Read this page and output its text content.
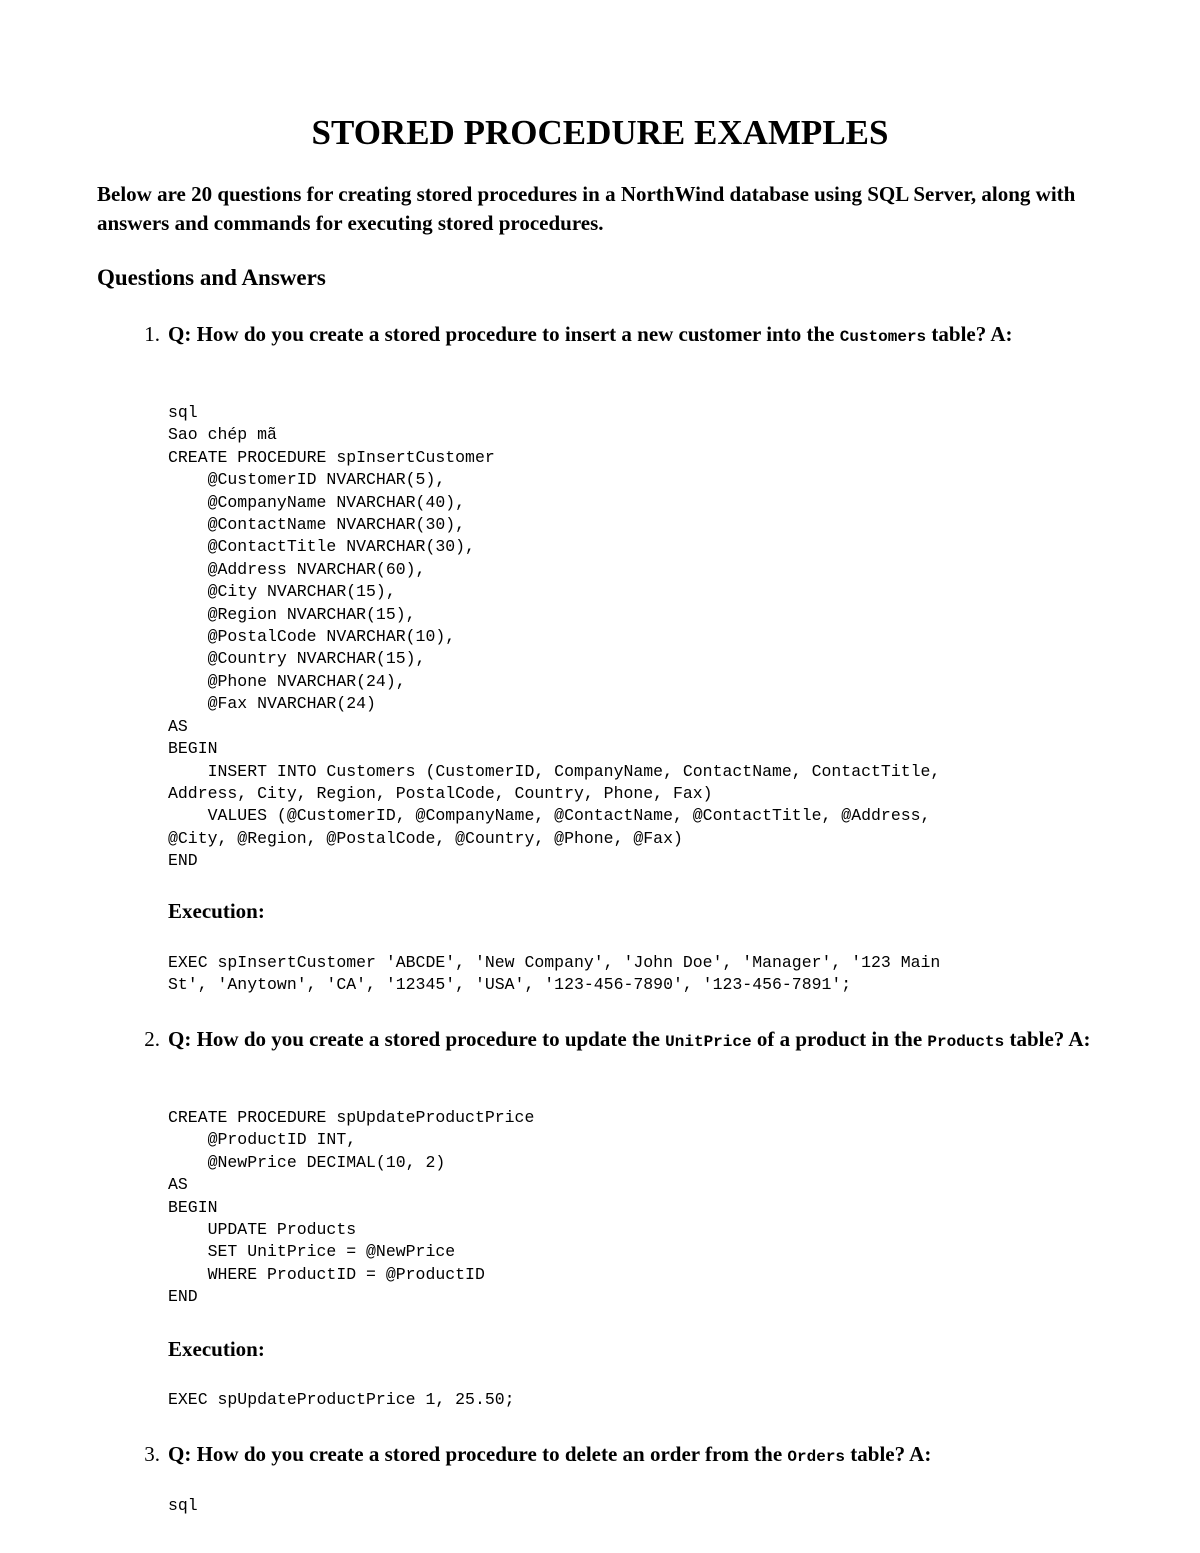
STORED PROCEDURE EXAMPLES

Below are 20 questions for creating stored procedures in a NorthWind database using SQL Server, along with answers and commands for executing stored procedures.

Questions and Answers
1. Q: How do you create a stored procedure to insert a new customer into the Customers table? A:

sql
Sao chép mã
CREATE PROCEDURE spInsertCustomer
@CustomerID NVARCHAR(5),
@CompanyName NVARCHAR(40),
@ContactName NVARCHAR(30),
@ContactTitle NVARCHAR(30),
@Address NVARCHAR(60),
@City NVARCHAR(15),
@Region NVARCHAR(15),
@PostalCode NVARCHAR(10),
@Country NVARCHAR(15),
@Phone NVARCHAR(24),
@Fax NVARCHAR(24)
AS
BEGIN
INSERT INTO Customers (CustomerID, CompanyName, ContactName, ContactTitle,
Address, City, Region, PostalCode, Country, Phone, Fax)
VALUES (@CustomerID, @CompanyName, @ContactName, @ContactTitle, @Address,
@City, @Region, @PostalCode, @Country, @Phone, @Fax)
END

Execution:

EXEC spInsertCustomer 'ABCDE', 'New Company', 'John Doe', 'Manager', '123 Main
St', 'Anytown', 'CA', '12345', 'USA', '123-456-7890', '123-456-7891';
2. Q: How do you create a stored procedure to update the UnitPrice of a product in the Products table? A:

CREATE PROCEDURE spUpdateProductPrice
@ProductID INT,
@NewPrice DECIMAL(10, 2)
AS
BEGIN
UPDATE Products
SET UnitPrice = @NewPrice
WHERE ProductID = @ProductID
END

Execution:

EXEC spUpdateProductPrice 1, 25.50;
3. Q: How do you create a stored procedure to delete an order from the Orders table? A:

sql
